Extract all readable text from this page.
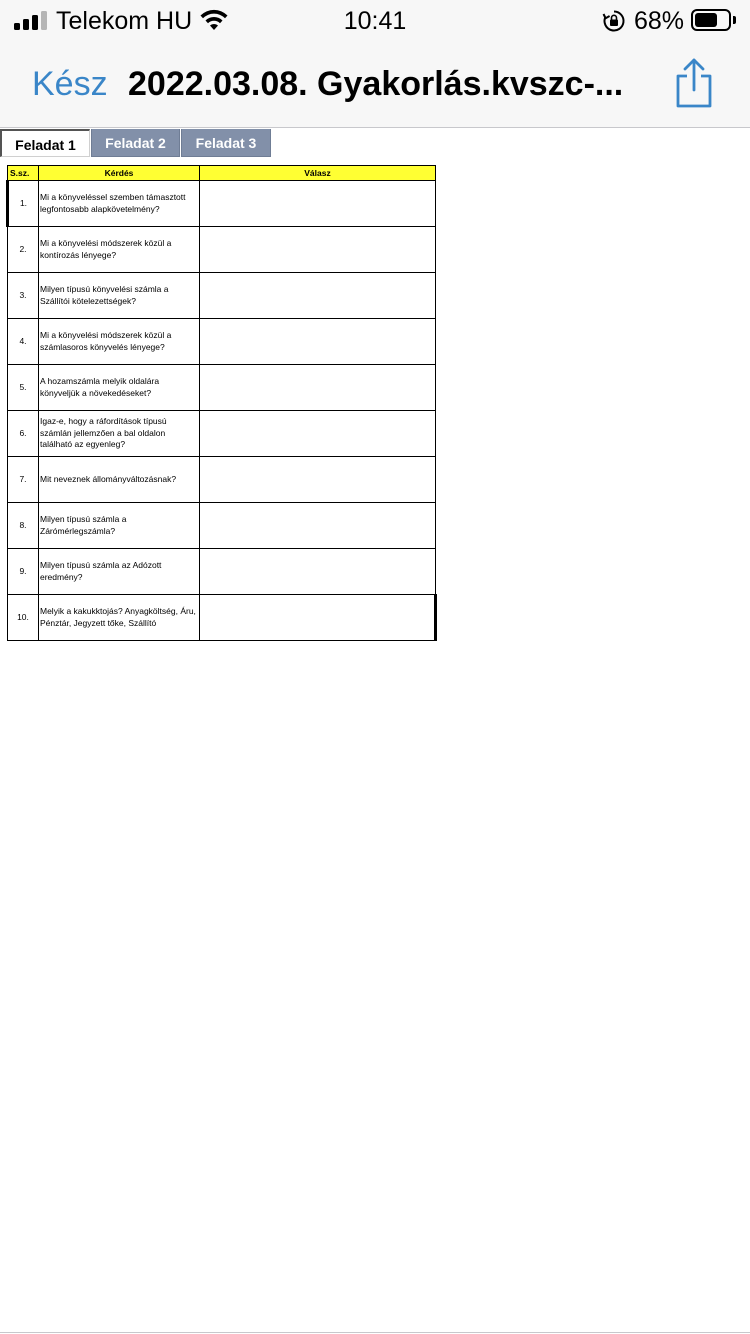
Telekom HU	10:41	68%
Kész 2022.03.08. Gyakorlás.kvszc-...
Feladat 1	Feladat 2	Feladat 3
S.sz.	Kérdés	Válasz
1.	Mi a könyveléssel szemben támasztott legfontosabb alapkövetelmény?	
2.	Mi a könyvelési módszerek közül a kontírozás lényege?	
3.	Milyen típusú könyvelési számla a Szállítói kötelezettségek?	
4.	Mi a könyvelési módszerek közül a számlasoros könyvelés lényege?	
5.	A hozamszámla melyik oldalára könyveljük a növekedéseket?	
6.	Igaz-e, hogy a ráfordítások típusú számlán jellemzően a bal oldalon található az egyenleg?	
7.	Mit neveznek állományváltozásnak?	
8.	Milyen típusú számla a Zárómérlegszámla?	
9.	Milyen típusú számla az Adózott eredmény?	
10.	Melyik a kakukktojás? Anyagköltség, Áru, Pénztár, Jegyzett tőke, Szállító	
